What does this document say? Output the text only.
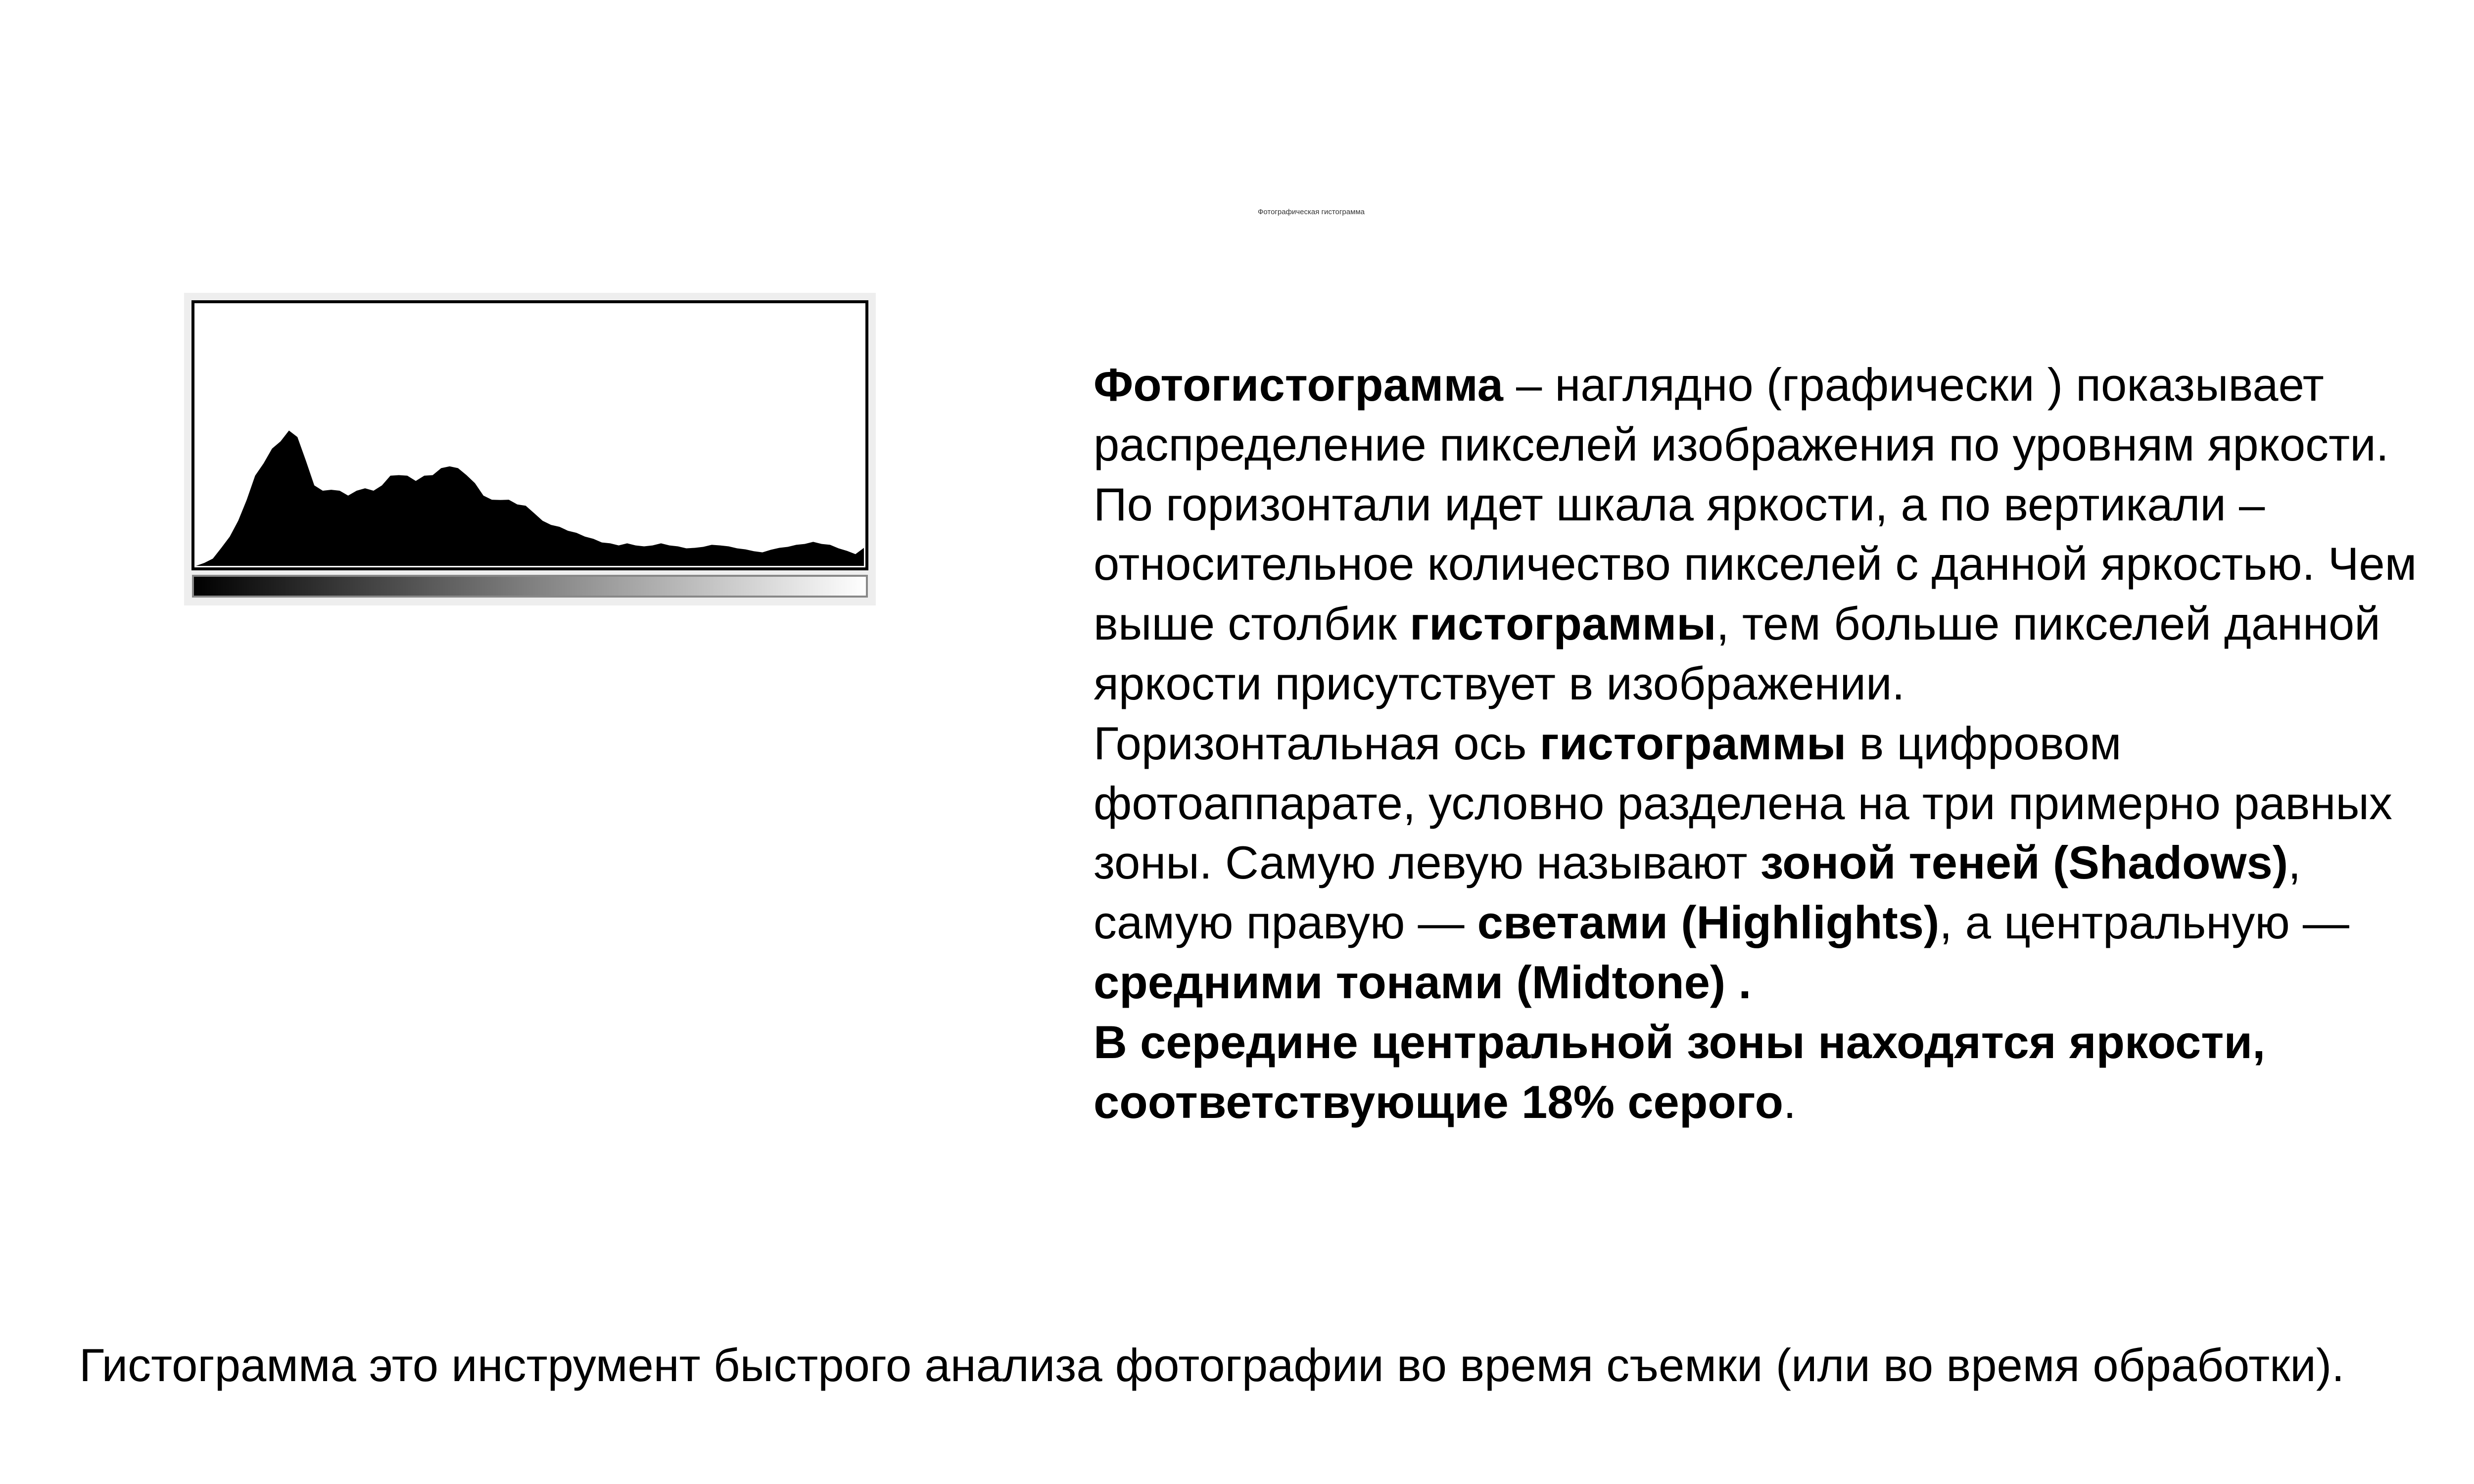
Фотографическая гистограмма

Фотогистограмма – наглядно (графически ) показывает распределение пикселей изображения по уровням яркости. По горизонтали идет шкала яркости, а по вертикали – относительное количество пикселей с данной яркостью. Чем выше столбик гистограммы, тем больше пикселей данной яркости присутствует в изображении.

Горизонтальная ось гистограммы в цифровом фотоаппарате, условно разделена на три примерно равных зоны. Самую левую называют зоной теней (Shadows), самую правую — светами (Highlights), а центральную — средними тонами (Midtone) .

В середине центральной зоны находятся яркости, соответствующие 18% серого.

Гистограмма это инструмент быстрого анализа фотографии во время съемки (или во время обработки).
